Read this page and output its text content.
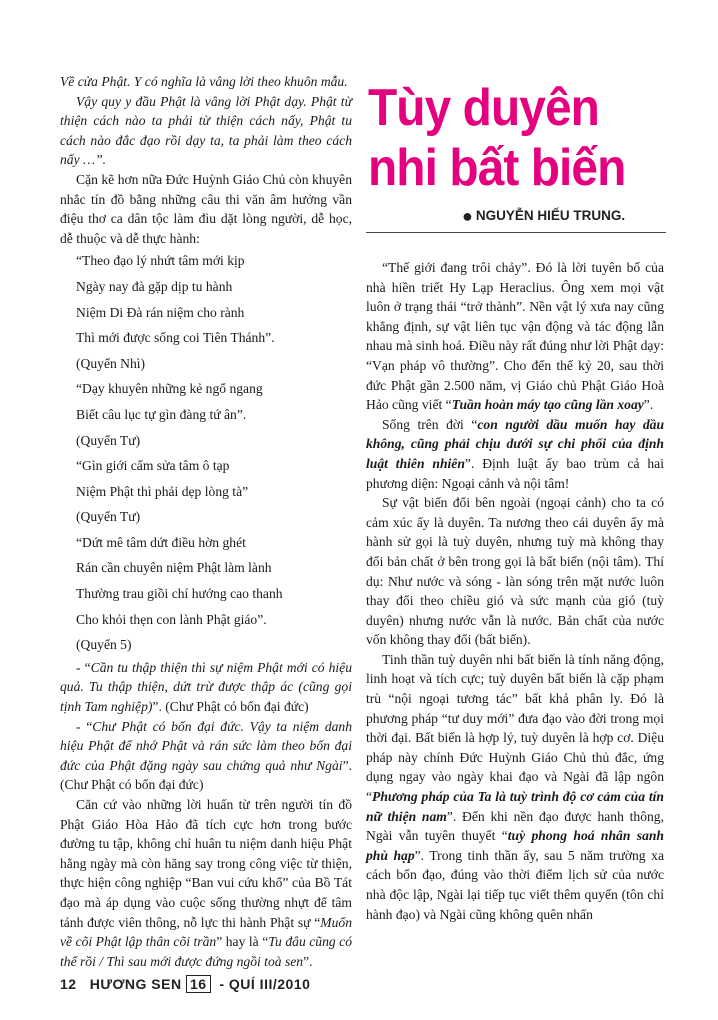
Về cửa Phật. Y có nghĩa là vâng lời theo khuôn mẫu.

Vậy quy y đầu Phật là vâng lời Phật dạy. Phật từ thiện cách nào ta phải từ thiện cách nấy, Phật tu cách nào đắc đạo rồi dạy ta, ta phải làm theo cách nấy …”.

Cặn kẽ hơn nữa Đức Huỳnh Giáo Chủ còn khuyên nhắc tín đồ bằng những câu thi văn âm hưởng vần điệu thơ ca dân tộc làm đìu dặt lòng người, dễ học, dễ thuộc và dễ thực hành:

“Theo đạo lý nhứt tâm mới kịp
Ngày nay đà gặp dịp tu hành
Niệm Di Đà rán niệm cho rành
Thì mới được sống coi Tiên Thánh”.
(Quyển Nhì)
“Dạy khuyên những kẻ ngổ ngang
Biết câu lục tự gìn đàng tứ ân”.
(Quyển Tư)
“Gìn giới cấm sửa tâm ô tạp
Niệm Phật thì phải dẹp lòng tà”
(Quyển Tư)
“Dứt mê tâm dứt điều hờn ghét
Rán cần chuyên niệm Phật làm lành
Thường trau giồi chí hướng cao thanh
Cho khỏi thẹn con lành Phật giáo”.
(Quyển 5)

- “Cần tu thập thiện thì sự niệm Phật mới có hiệu quả. Tu thập thiện, dứt trừ được thập ác (cũng gọi tịnh Tam nghiệp)”. (Chư Phật có bốn đại đức)

- “Chư Phật có bốn đại đức. Vậy ta niệm danh hiệu Phật để nhớ Phật và rán sức làm theo bốn đại đức của Phật đặng ngày sau chứng quả như Ngài”. (Chư Phật có bốn đại đức)

Căn cứ vào những lời huấn từ trên người tín đồ Phật Giáo Hòa Hảo đã tích cực hơn trong bước đường tu tập, không chỉ huân tu niệm danh hiệu Phật hằng ngày mà còn hăng say trong công việc từ thiện, thực hiện công nghiệp “Ban vui cứu khổ” của Bồ Tát đạo mà áp dụng vào cuộc sống thường nhựt để tâm tánh được viên thông, nỗ lực thi hành Phật sự “Muốn về cõi Phật lập thân cõi trần” hay là “Tu đâu cũng có thể rồi / Thì sau mới được đứng ngồi toà sen”.

Tùy duyên
nhi bất biến
● NGUYỄN HIẾU TRUNG.

“Thế giới đang trôi chảy”. Đó là lời tuyên bố của nhà hiền triết Hy Lạp Heraclius. Ông xem mọi vật luôn ở trạng thái “trở thành”. Nền vật lý xưa nay cũng khẳng định, sự vật liên tục vận động và tác động lẫn nhau mà sinh hoá. Điều này rất đúng như lời Phật dạy: “Vạn pháp vô thường”. Cho đến thế kỷ 20, sau thời đức Phật gần 2.500 năm, vị Giáo chủ Phật Giáo Hoà Hảo cũng viết “Tuần hoàn máy tạo cũng lần xoay”.

Sống trên đời “con người dầu muốn hay dầu không, cũng phải chịu dưới sự chi phối của định luật thiên nhiên”. Định luật ấy bao trùm cả hai phương diện: Ngoại cảnh và nội tâm!

Sự vật biến đổi bên ngoài (ngoại cảnh) cho ta có cảm xúc ấy là duyên. Ta nương theo cái duyên ấy mà hành sử gọi là tuỳ duyên, nhưng tuỳ mà không thay đổi bản chất ở bên trong gọi là bất biến (nội tâm). Thí dụ: Như nước và sóng - làn sóng trên mặt nước luôn thay đổi theo chiều gió và sức mạnh của gió (tuỳ duyên) nhưng nước vẫn là nước. Bản chất của nước vốn không thay đổi (bất biến).

Tinh thần tuỳ duyên nhi bất biến là tính năng động, linh hoạt và tích cực; tuỳ duyên bất biến là cặp phạm trù “nội ngoại tương tác” bất khả phân ly. Đó là phương pháp “tư duy mới” đưa đạo vào đời trong mọi thời đại. Bất biến là hợp lý, tuỳ duyên là hợp cơ. Diệu pháp này chính Đức Huỳnh Giáo Chủ thủ đắc, ứng dụng ngay vào ngày khai đạo và Ngài đã lập ngôn “Phương pháp của Ta là tuỳ trình độ cơ cảm của tín nữ thiện nam”. Đến khi nền đạo được hanh thông, Ngài vẫn tuyên thuyết “tuỳ phong hoá nhân sanh phù hạp”. Trong tinh thần ấy, sau 5 năm trường xa cách bổn đạo, đúng vào thời điểm lịch sử của nước nhà độc lập, Ngài lại tiếp tục viết thêm quyển (tôn chỉ hành đạo) và Ngài cũng không quên nhấn

12 HƯƠNG SEN 16  - QUÍ III/2010
